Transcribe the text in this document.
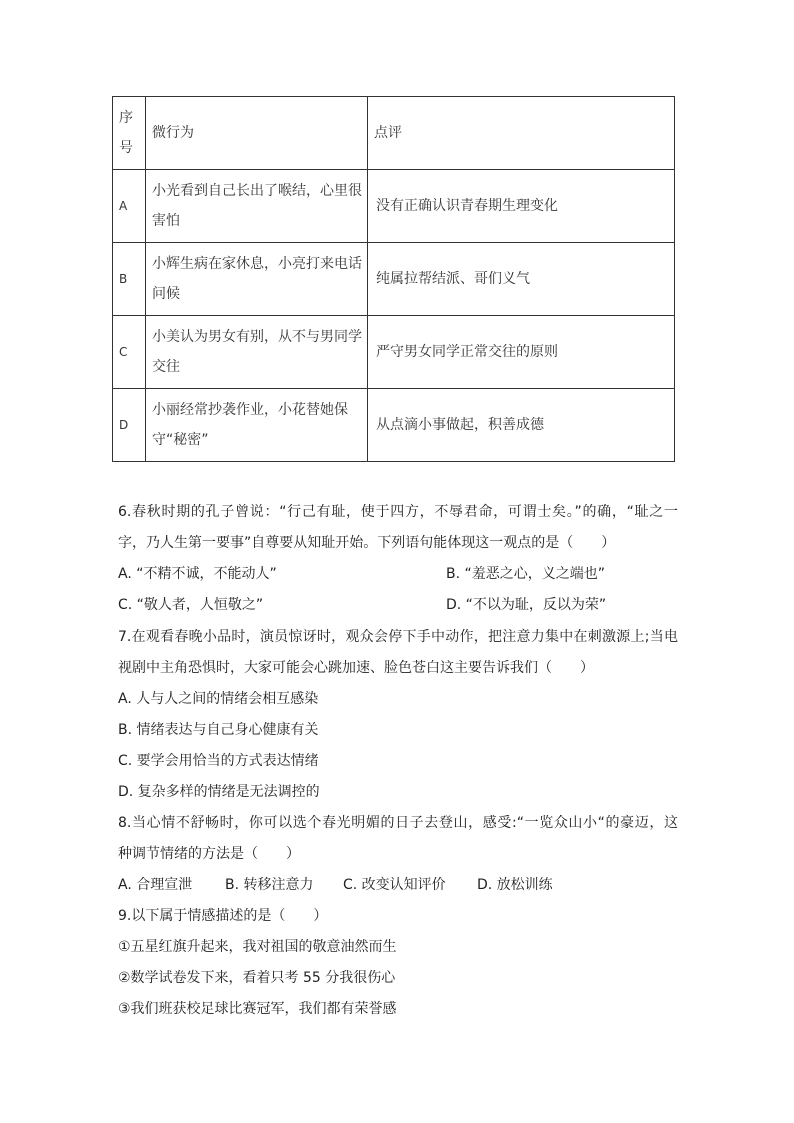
序号	微行为	点评
A	小光看到自己长出了喉结，心里很害怕	没有正确认识青春期生理变化
B	小辉生病在家休息，小亮打来电话问候	纯属拉帮结派、哥们义气
C	小美认为男女有别，从不与男同学交往	严守男女同学正常交往的原则
D	小丽经常抄袭作业，小花替她保守“秘密”	从点滴小事做起，积善成德
6.春秋时期的孔子曾说：“行己有耻，使于四方，不辱君命，可谓士矣。”的确，“耻之一
字，乃人生第一要事”自尊要从知耻开始。下列语句能体现这一观点的是（　　）
A. “不精不诚，不能动人”	B. “羞恶之心，义之端也”
C. “敬人者，人恒敬之”	D. “不以为耻，反以为荣”
7.在观看春晚小品时，演员惊讶时，观众会停下手中动作，把注意力集中在刺激源上;当电
视剧中主角恐惧时，大家可能会心跳加速、脸色苍白这主要告诉我们（　　）
A. 人与人之间的情绪会相互感染
B. 情绪表达与自己身心健康有关
C. 要学会用恰当的方式表达情绪
D. 复杂多样的情绪是无法调控的
8.当心情不舒畅时，你可以选个春光明媚的日子去登山，感受:“一览众山小“的豪迈，这
种调节情绪的方法是（　　）
A. 合理宣泄 B. 转移注意力 C. 改变认知评价 D. 放松训练
9.以下属于情感描述的是（　　）
①五星红旗升起来，我对祖国的敬意油然而生
②数学试卷发下来，看着只考 55 分我很伤心
③我们班获校足球比赛冠军，我们都有荣誉感
